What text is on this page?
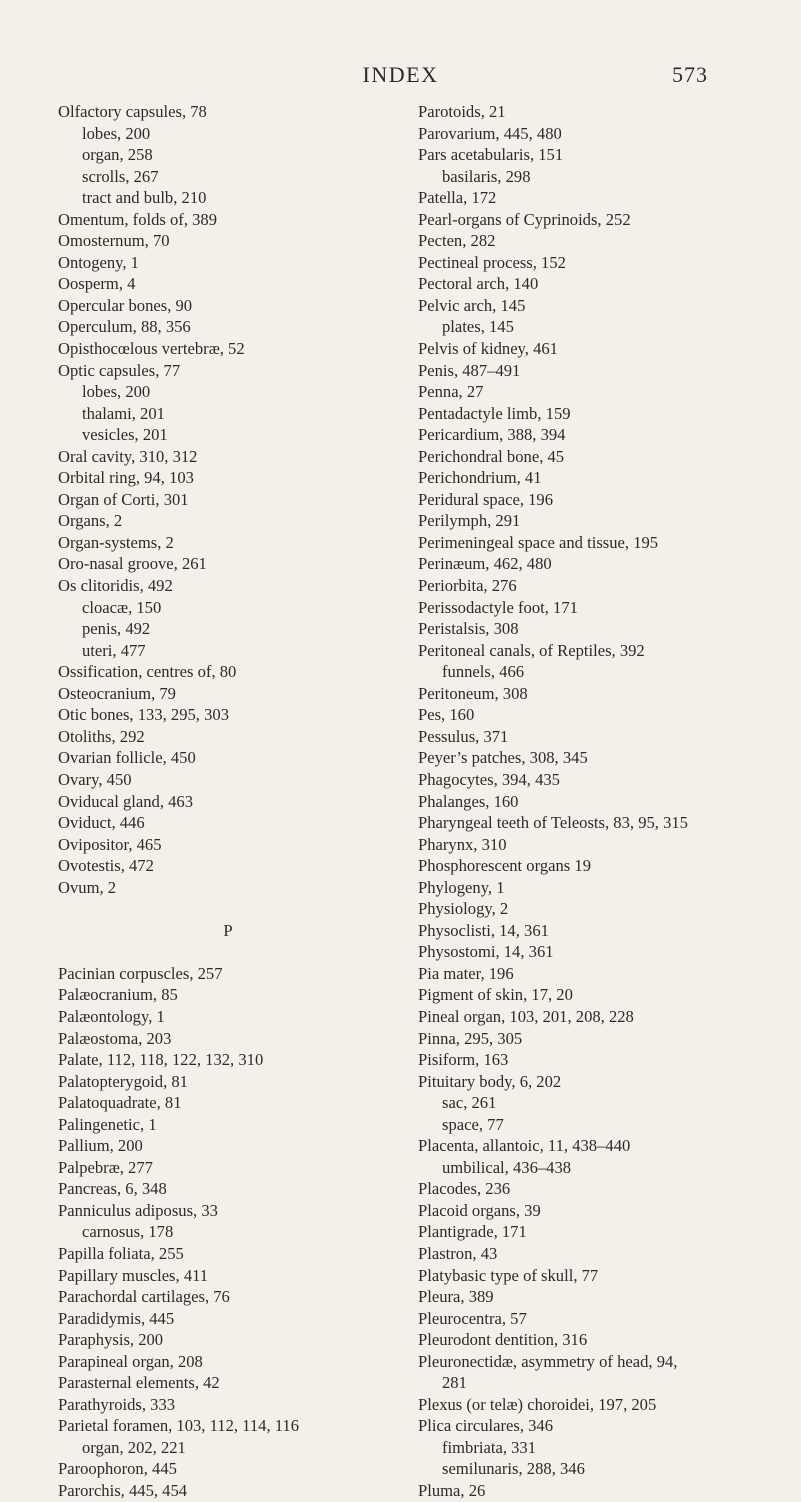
INDEX	573
Olfactory capsules, 78
lobes, 200
organ, 258
scrolls, 267
tract and bulb, 210
Omentum, folds of, 389
Omosternum, 70
Ontogeny, 1
Oosperm, 4
Opercular bones, 90
Operculum, 88, 356
Opisthocœlous vertebræ, 52
Optic capsules, 77
lobes, 200
thalami, 201
vesicles, 201
Oral cavity, 310, 312
Orbital ring, 94, 103
Organ of Corti, 301
Organs, 2
Organ-systems, 2
Oro-nasal groove, 261
Os clitoridis, 492
cloacæ, 150
penis, 492
uteri, 477
Ossification, centres of, 80
Osteocranium, 79
Otic bones, 133, 295, 303
Otoliths, 292
Ovarian follicle, 450
Ovary, 450
Oviducal gland, 463
Oviduct, 446
Ovipositor, 465
Ovotestis, 472
Ovum, 2
P
Pacinian corpuscles, 257
Palæocranium, 85
Palæontology, 1
Palæostoma, 203
Palate, 112, 118, 122, 132, 310
Palatopterygoid, 81
Palatoquadrate, 81
Palingenetic, 1
Pallium, 200
Palpebræ, 277
Pancreas, 6, 348
Panniculus adiposus, 33
carnosus, 178
Papilla foliata, 255
Papillary muscles, 411
Parachordal cartilages, 76
Paradidymis, 445
Paraphysis, 200
Parapineal organ, 208
Parasternal elements, 42
Parathyroids, 333
Parietal foramen, 103, 112, 114, 116
organ, 202, 221
Paroophoron, 445
Parorchis, 445, 454
Parotoids, 21
Parovarium, 445, 480
Pars acetabularis, 151
basilaris, 298
Patella, 172
Pearl-organs of Cyprinoids, 252
Pecten, 282
Pectineal process, 152
Pectoral arch, 140
Pelvic arch, 145
plates, 145
Pelvis of kidney, 461
Penis, 487–491
Penna, 27
Pentadactyle limb, 159
Pericardium, 388, 394
Perichondral bone, 45
Perichondrium, 41
Peridural space, 196
Perilymph, 291
Perimeningeal space and tissue, 195
Perinæum, 462, 480
Periorbita, 276
Perissodactyle foot, 171
Peristalsis, 308
Peritoneal canals, of Reptiles, 392
funnels, 466
Peritoneum, 308
Pes, 160
Pessulus, 371
Peyer’s patches, 308, 345
Phagocytes, 394, 435
Phalanges, 160
Pharyngeal teeth of Teleosts, 83, 95, 315
Pharynx, 310
Phosphorescent organs 19
Phylogeny, 1
Physiology, 2
Physoclisti, 14, 361
Physostomi, 14, 361
Pia mater, 196
Pigment of skin, 17, 20
Pineal organ, 103, 201, 208, 228
Pinna, 295, 305
Pisiform, 163
Pituitary body, 6, 202
sac, 261
space, 77
Placenta, allantoic, 11, 438–440
umbilical, 436–438
Placodes, 236
Placoid organs, 39
Plantigrade, 171
Plastron, 43
Platybasic type of skull, 77
Pleura, 389
Pleurocentra, 57
Pleurodont dentition, 316
Pleuronectidæ, asymmetry of head, 94,
281
Plexus (or telæ) choroidei, 197, 205
Plica circulares, 346
fimbriata, 331
semilunaris, 288, 346
Pluma, 26
